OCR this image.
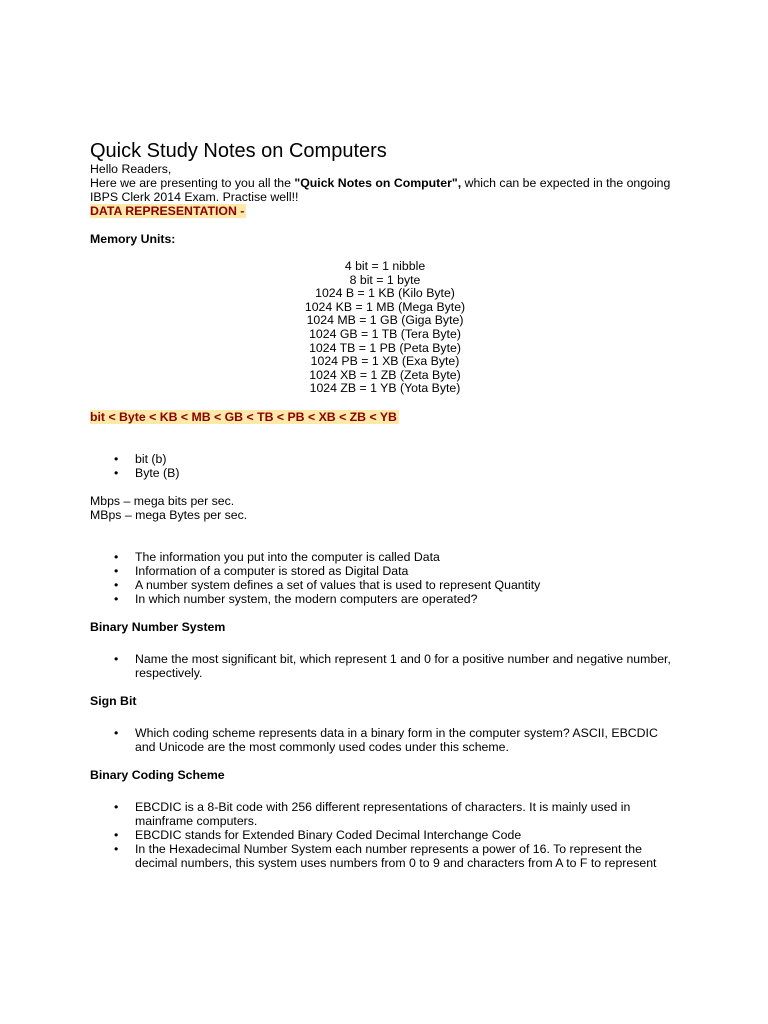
Quick Study Notes on Computers

Hello Readers,

Here we are presenting to you all the "Quick Notes on Computer", which can be expected in the ongoing IBPS Clerk 2014 Exam. Practise well!!

DATA REPRESENTATION -

Memory Units:

4 bit = 1 nibble
8 bit = 1 byte
1024 B = 1 KB (Kilo Byte)
1024 KB = 1 MB (Mega Byte)
1024 MB = 1 GB (Giga Byte)
1024 GB = 1 TB (Tera Byte)
1024 TB = 1 PB (Peta Byte)
1024 PB = 1 XB (Exa Byte)
1024 XB = 1 ZB (Zeta Byte)
1024 ZB = 1 YB (Yota Byte)

bit < Byte < KB < MB < GB < TB < PB < XB < ZB < YB

• bit (b)
• Byte (B)

Mbps – mega bits per sec.

MBps – mega Bytes per sec.

• The information you put into the computer is called Data
• Information of a computer is stored as Digital Data
• A number system defines a set of values that is used to represent Quantity
• In which number system, the modern computers are operated?

Binary Number System

• Name the most significant bit, which represent 1 and 0 for a positive number and negative number, respectively.

Sign Bit

• Which coding scheme represents data in a binary form in the computer system? ASCII, EBCDIC and Unicode are the most commonly used codes under this scheme.

Binary Coding Scheme

• EBCDIC is a 8-Bit code with 256 different representations of characters. It is mainly used in mainframe computers.
• EBCDIC stands for Extended Binary Coded Decimal Interchange Code
• In the Hexadecimal Number System each number represents a power of 16. To represent the decimal numbers, this system uses numbers from 0 to 9 and characters from A to F to represent
